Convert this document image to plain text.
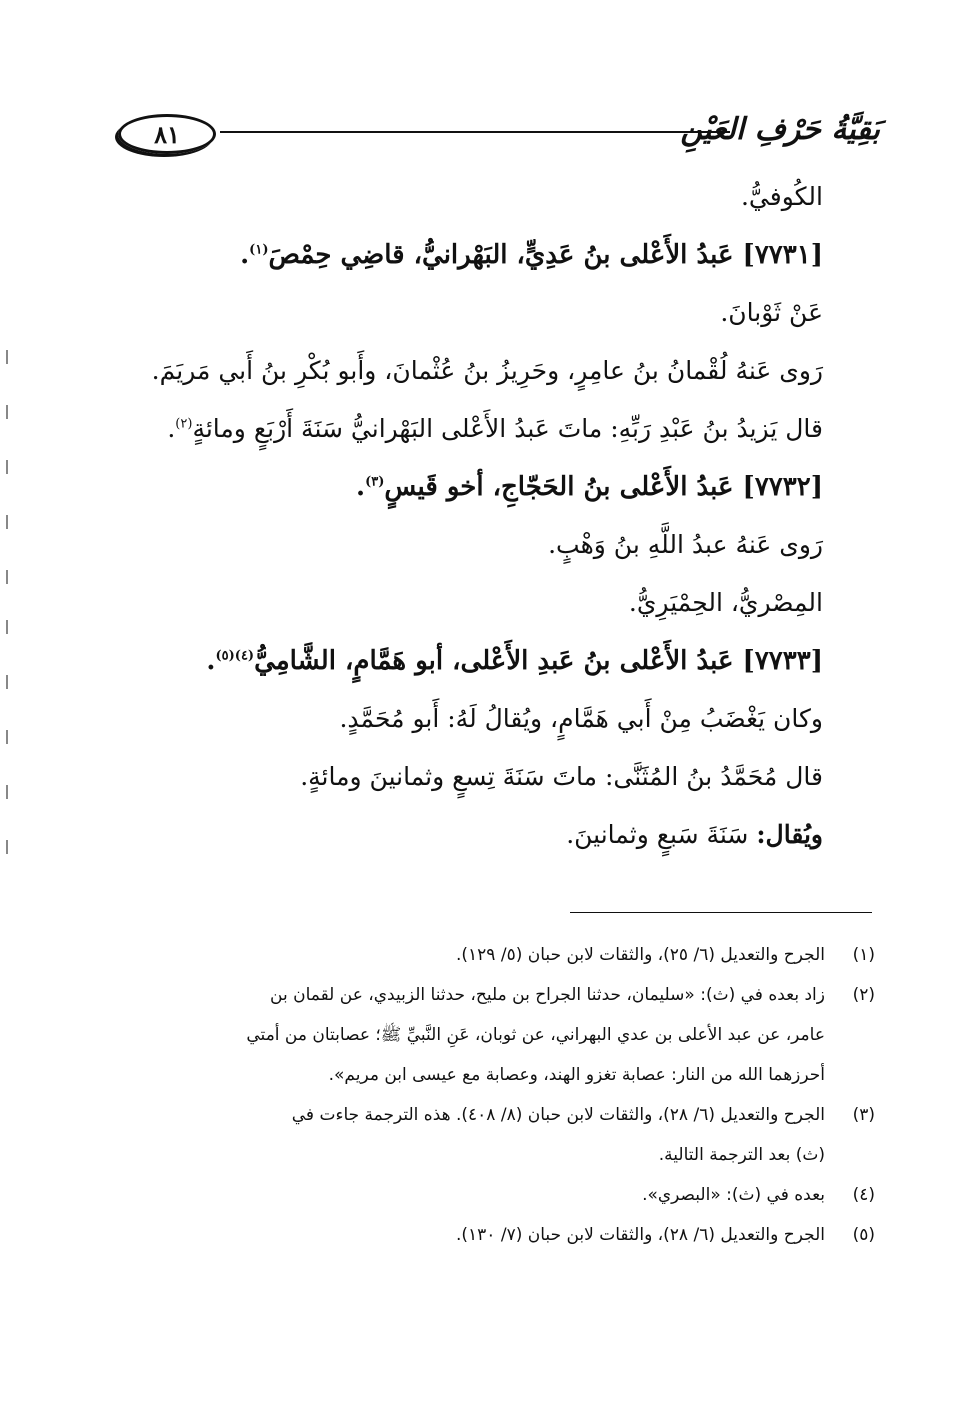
٨١	بَقِيَّةُ حَرْفِ العَيْنِ
الكُوفيُّ.
[٧٧٣١] عَبدُ الأَعْلى بنُ عَدِيٍّ، البَهْرانيُّ، قاضِي حِمْصَ$^{(١)}$.
عَنْ ثَوْبانَ.
رَوى عَنهُ لُقْمانُ بنُ عامِرٍ، وحَرِيزُ بنُ عُثْمانَ، وأَبو بُكْرِ بنُ أَبي مَريَمَ.
قال يَزيدُ بنُ عَبْدِ رَبِّهِ: ماتَ عَبدُ الأَعْلى البَهْرانيُّ سَنَةَ أَرْبَعٍ ومائةٍ$^{(٢)}$.
[٧٧٣٢] عَبدُ الأَعْلى بنُ الحَجّاجِ، أخو قَيسٍ$^{(٣)}$.
رَوى عَنهُ عبدُ اللَّهِ بنُ وَهْبٍ.
المِصْريُّ، الحِمْيَرِيُّ.
[٧٧٣٣] عَبدُ الأَعْلى بنُ عَبدِ الأَعْلى، أبو هَمَّامٍ، الشَّامِيُّ$^{(٤)(٥)}$.
وكان يَغْضَبُ مِنْ أَبي هَمَّامٍ، ويُقالُ لَهُ: أَبو مُحَمَّدٍ.
قال مُحَمَّدُ بنُ المُثَنَّى: ماتَ سَنَةَ تِسعٍ وثمانينَ ومائةٍ.
ويُقال: سَنَةَ سَبعٍ وثمانينَ.
(١)
الجرح والتعديل (٦/ ٢٥)، والثقات لابن حبان (٥/ ١٢٩).
(٢)
زاد بعده في (ث): «سليمان، حدثنا الجراح بن مليح، حدثنا الزبيدي، عن لقمان بن
عامر، عن عبد الأعلى بن عدي البهراني، عن ثوبان، عَنِ النَّبيِّ ﷺ؛ عصابتان من أمتي
أحرزهما الله من النار: عصابة تغزو الهند، وعصابة مع عيسى ابن مريم».
(٣)
الجرح والتعديل (٦/ ٢٨)، والثقات لابن حبان (٨/ ٤٠٨). هذه الترجمة جاءت في
(ث) بعد الترجمة التالية.
(٤)
بعده في (ث): «البصري».
(٥)
الجرح والتعديل (٦/ ٢٨)، والثقات لابن حبان (٧/ ١٣٠).
